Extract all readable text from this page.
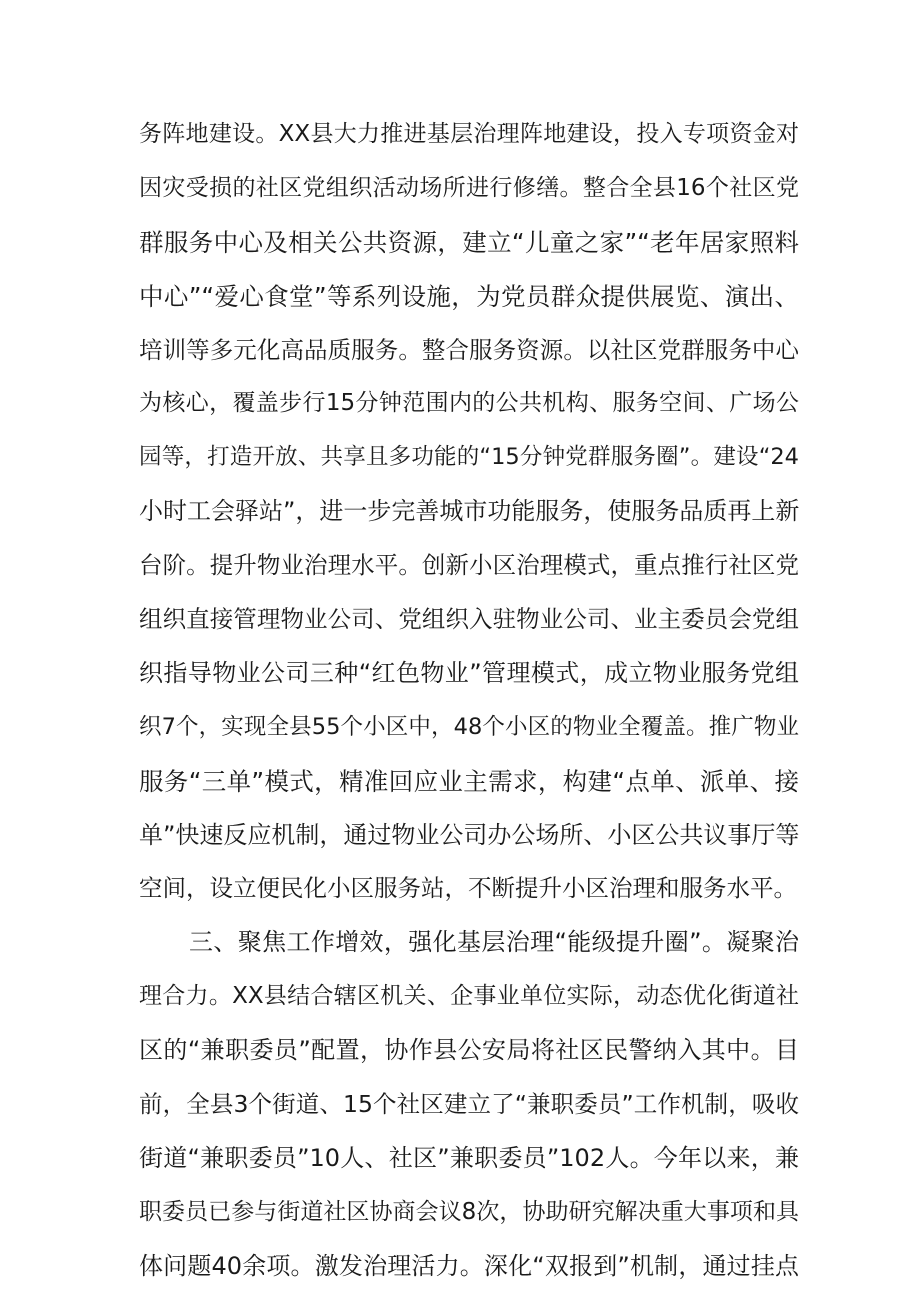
务阵地建设。XX县大力推进基层治理阵地建设，投入专项资金对
因灾受损的社区党组织活动场所进行修缮。整合全县16个社区党
群服务中心及相关公共资源，建立“儿童之家”“老年居家照料
中心”“爱心食堂”等系列设施，为党员群众提供展览、演出、
培训等多元化高品质服务。整合服务资源。以社区党群服务中心
为核心，覆盖步行15分钟范围内的公共机构、服务空间、广场公
园等，打造开放、共享且多功能的“15分钟党群服务圈”。建设“24
小时工会驿站”，进一步完善城市功能服务，使服务品质再上新
台阶。提升物业治理水平。创新小区治理模式，重点推行社区党
组织直接管理物业公司、党组织入驻物业公司、业主委员会党组
织指导物业公司三种“红色物业”管理模式，成立物业服务党组
织7个，实现全县55个小区中，48个小区的物业全覆盖。推广物业
服务“三单”模式，精准回应业主需求，构建“点单、派单、接
单”快速反应机制，通过物业公司办公场所、小区公共议事厅等
空间，设立便民化小区服务站，不断提升小区治理和服务水平。
三、聚焦工作增效，强化基层治理“能级提升圈”。凝聚治
理合力。XX县结合辖区机关、企事业单位实际，动态优化街道社
区的“兼职委员”配置，协作县公安局将社区民警纳入其中。目
前，全县3个街道、15个社区建立了“兼职委员”工作机制，吸收
街道“兼职委员”10人、社区”兼职委员”102人。今年以来，兼
职委员已参与街道社区协商会议8次，协助研究解决重大事项和具
体问题40余项。激发治理活力。深化“双报到”机制，通过挂点
